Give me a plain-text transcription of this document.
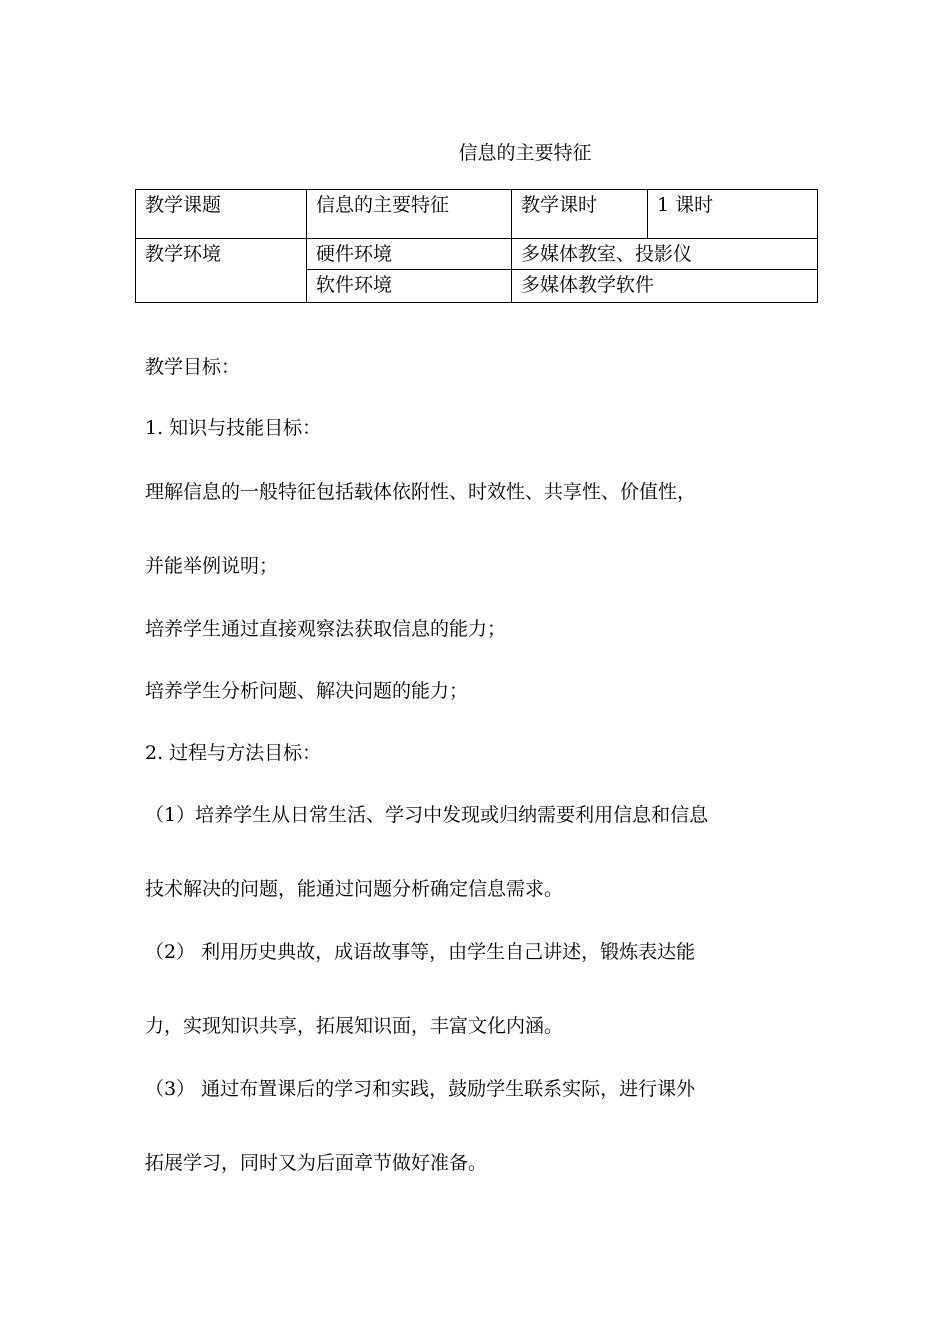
信息的主要特征
教学课题	信息的主要特征	教学课时	1 课时
教学环境	硬件环境	多媒体教室、投影仪	
	软件环境	多媒体教学软件	
教学目标：
1. 知识与技能目标：
理解信息的一般特征包括载体依附性、时效性、共享性、价值性，
并能举例说明；
培养学生通过直接观察法获取信息的能力；
培养学生分析问题、解决问题的能力；
2. 过程与方法目标：
（1）培养学生从日常生活、学习中发现或归纳需要利用信息和信息
技术解决的问题，能通过问题分析确定信息需求。
（2） 利用历史典故，成语故事等，由学生自己讲述，锻炼表达能
力，实现知识共享，拓展知识面，丰富文化内涵。
（3） 通过布置课后的学习和实践，鼓励学生联系实际，进行课外
拓展学习，同时又为后面章节做好准备。
